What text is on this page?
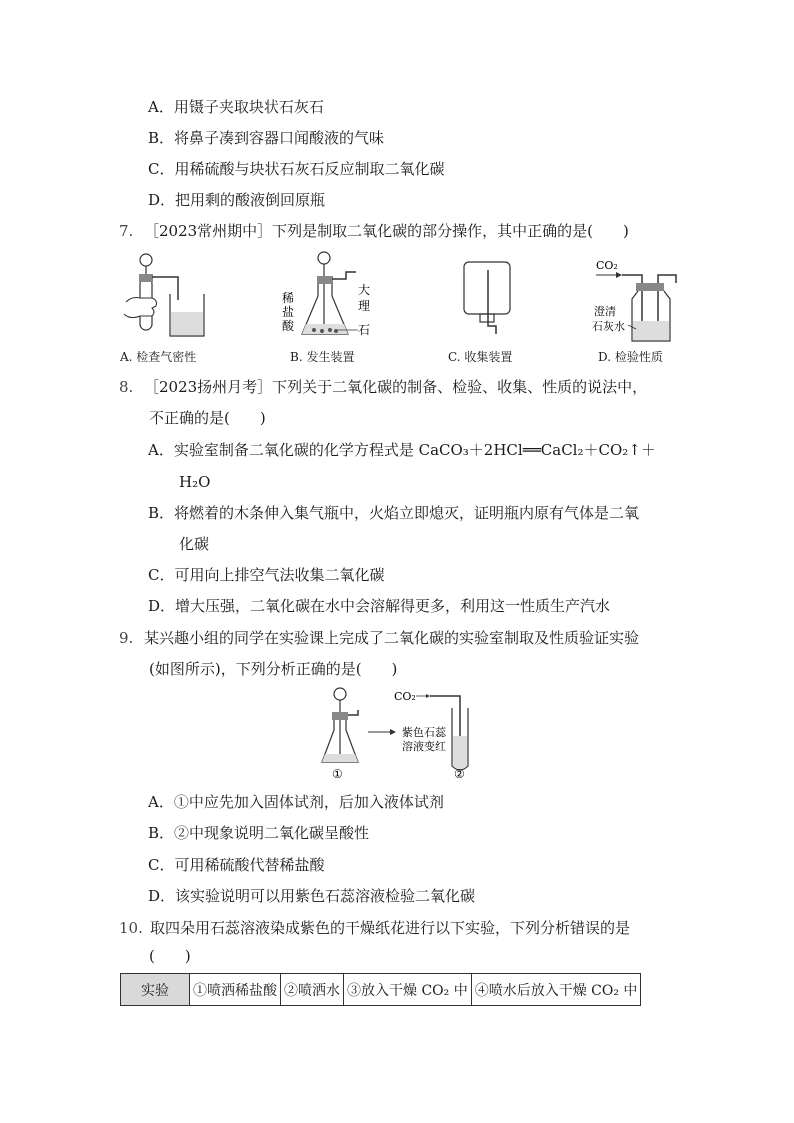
A．用镊子夹取块状石灰石
B．将鼻子凑到容器口闻酸液的气味
C．用稀硫酸与块状石灰石反应制取二氧化碳
D．把用剩的酸液倒回原瓶
7. ［2023常州期中］下列是制取二氧化碳的部分操作，其中正确的是(　　)
A. 检查气密性
稀
盐
酸
大
理
石
B. 发生装置	C. 收集装置
CO₂
澄清
石灰水
D. 检验性质
8. ［2023扬州月考］下列关于二氧化碳的制备、检验、收集、性质的说法中，
不正确的是(　　)
A．实验室制备二氧化碳的化学方程式是 CaCO₃＋2HCl══CaCl₂＋CO₂↑＋
H₂O
B．将燃着的木条伸入集气瓶中，火焰立即熄灭，证明瓶内原有气体是二氧
化碳
C．可用向上排空气法收集二氧化碳
D．增大压强，二氧化碳在水中会溶解得更多，利用这一性质生产汽水
9. 某兴趣小组的同学在实验课上完成了二氧化碳的实验室制取及性质验证实验
(如图所示)，下列分析正确的是(　　)
①
CO₂
紫色石蕊
溶液变红
②
A．①中应先加入固体试剂，后加入液体试剂
B．②中现象说明二氧化碳呈酸性
C．可用稀硫酸代替稀盐酸
D．该实验说明可以用紫色石蕊溶液检验二氧化碳
10. 取四朵用石蕊溶液染成紫色的干燥纸花进行以下实验，下列分析错误的是
(　　)
实验	①喷洒稀盐酸	②喷洒水	③放入干燥 CO₂ 中	④喷水后放入干燥 CO₂ 中
